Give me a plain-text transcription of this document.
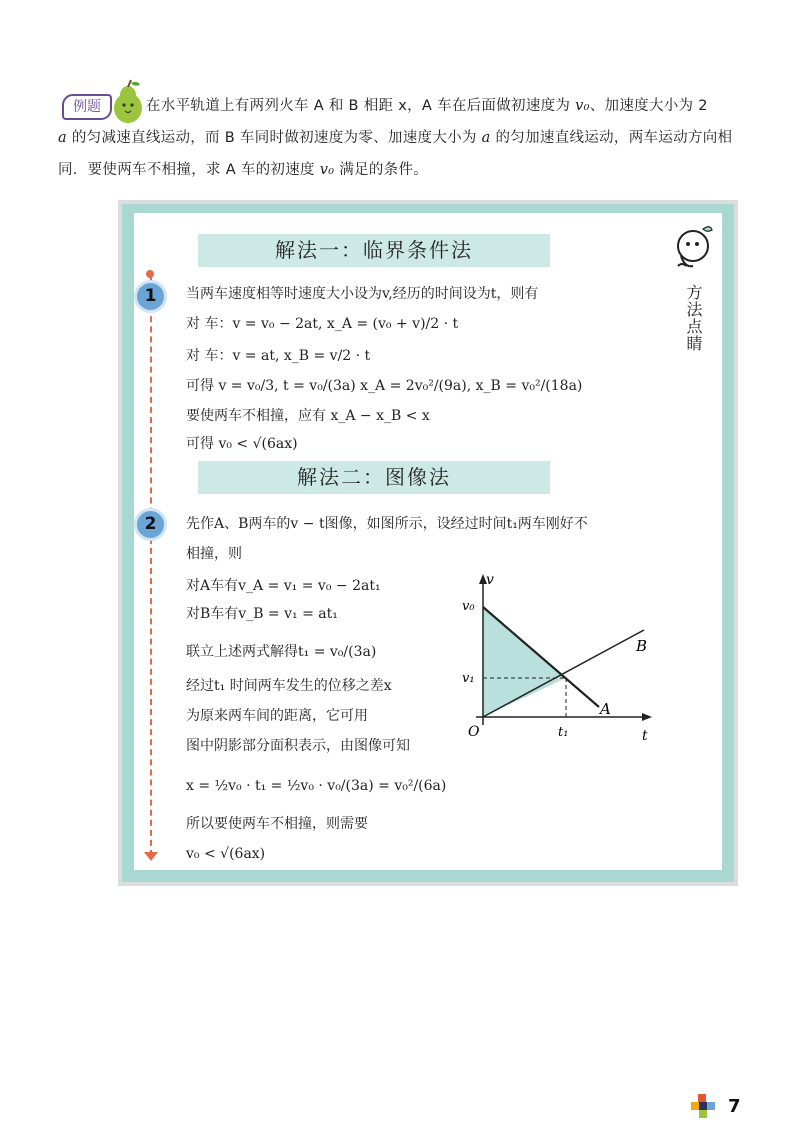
例题	在水平轨道上有两列火车 A 和 B 相距 x，A 车在后面做初速度为 v₀、加速度大小为 2
a 的匀减速直线运动，而 B 车同时做初速度为零、加速度大小为 a 的匀加速直线运动，两车运动方向相同．要使两车不相撞，求 A 车的初速度 v₀ 满足的条件。
方法点睛
解法一：临界条件法
1	当两车速度相等时速度大小设为v,经历的时间设为t，则有
对 车：v = v₀ − 2at, x_A = (v₀ + v)/2 · t
对 车：v = at, x_B = v/2 · t
可得 v = v₀/3, t = v₀/(3a) x_A = 2v₀²/(9a), x_B = v₀²/(18a)
要使两车不相撞，应有 x_A − x_B < x
可得 v₀ < √(6ax)
解法二：图像法
2	先作A、B两车的v − t图像，如图所示，设经过时间t₁两车刚好不
相撞，则
对A车有v_A = v₁ = v₀ − 2at₁
对B车有v_B = v₁ = at₁
联立上述两式解得t₁ = v₀/(3a)
经过t₁ 时间两车发生的位移之差x
为原来两车间的距离，它可用
图中阴影部分面积表示，由图像可知
x = ½v₀ · t₁ = ½v₀ · v₀/(3a) = v₀²/(6a)
所以要使两车不相撞，则需要
v₀ < √(6ax)
v
t
O
v₀
v₁
t₁
A
B
7
